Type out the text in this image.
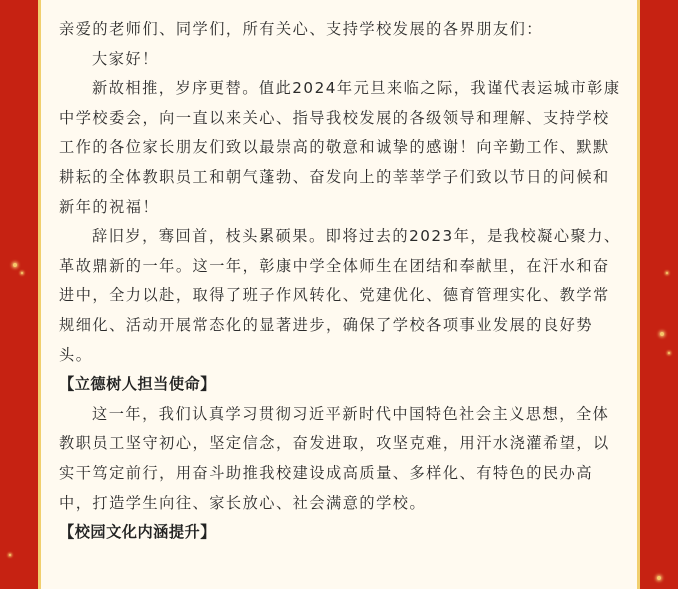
亲爱的老师们、同学们，所有关心、支持学校发展的各界朋友们：

大家好！

新故相推，岁序更替。值此2024年元旦来临之际，我谨代表运城市彰康中学校委会，向一直以来关心、指导我校发展的各级领导和理解、支持学校工作的各位家长朋友们致以最崇高的敬意和诚挚的感谢！向辛勤工作、默默耕耘的全体教职员工和朝气蓬勃、奋发向上的莘莘学子们致以节日的问候和新年的祝福！

辞旧岁，骞回首，枝头累硕果。即将过去的2023年，是我校凝心聚力、革故鼎新的一年。这一年，彰康中学全体师生在团结和奉献里，在汗水和奋进中，全力以赴，取得了班子作风转化、党建优化、德育管理实化、教学常规细化、活动开展常态化的显著进步，确保了学校各项事业发展的良好势头。

【立德树人担当使命】

这一年，我们认真学习贯彻习近平新时代中国特色社会主义思想，全体教职员工坚守初心，坚定信念，奋发进取，攻坚克难，用汗水浇灌希望，以实干笃定前行，用奋斗助推我校建设成高质量、多样化、有特色的民办高中，打造学生向往、家长放心、社会满意的学校。

【校园文化内涵提升】
